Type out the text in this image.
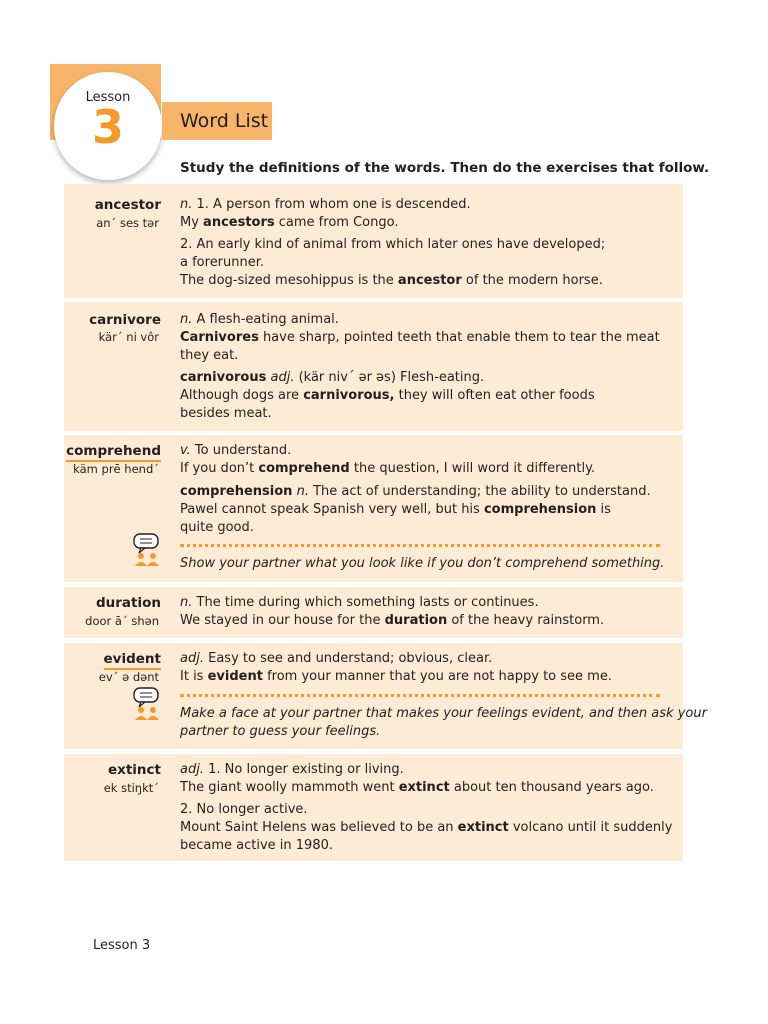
Lesson
3	Word List
Study the definitions of the words. Then do the exercises that follow.
ancestor
an´ ses tər
n. 1. A person from whom one is descended.
My ancestors came from Congo.
2. An early kind of animal from which later ones have developed;
a forerunner.
The dog-sized mesohippus is the ancestor of the modern horse.
carnivore
kär´ ni vôr
n. A flesh-eating animal.
Carnivores have sharp, pointed teeth that enable them to tear the meat
they eat.
carnivorous adj. (kär niv´ ər əs) Flesh-eating.
Although dogs are carnivorous, they will often eat other foods
besides meat.
comprehend
käm prē hend´
v. To understand.
If you don’t comprehend the question, I will word it differently.
comprehension n. The act of understanding; the ability to understand.
Pawel cannot speak Spanish very well, but his comprehension is
quite good.
Show your partner what you look like if you don’t comprehend something.
duration
door ā´ shən
n. The time during which something lasts or continues.
We stayed in our house for the duration of the heavy rainstorm.
evident
ev´ ə dənt
adj. Easy to see and understand; obvious, clear.
It is evident from your manner that you are not happy to see me.
Make a face at your partner that makes your feelings evident, and then ask your
partner to guess your feelings.
extinct
ek stiŋkt´
adj. 1. No longer existing or living.
The giant woolly mammoth went extinct about ten thousand years ago.
2. No longer active.
Mount Saint Helens was believed to be an extinct volcano until it suddenly
became active in 1980.
Lesson 3
